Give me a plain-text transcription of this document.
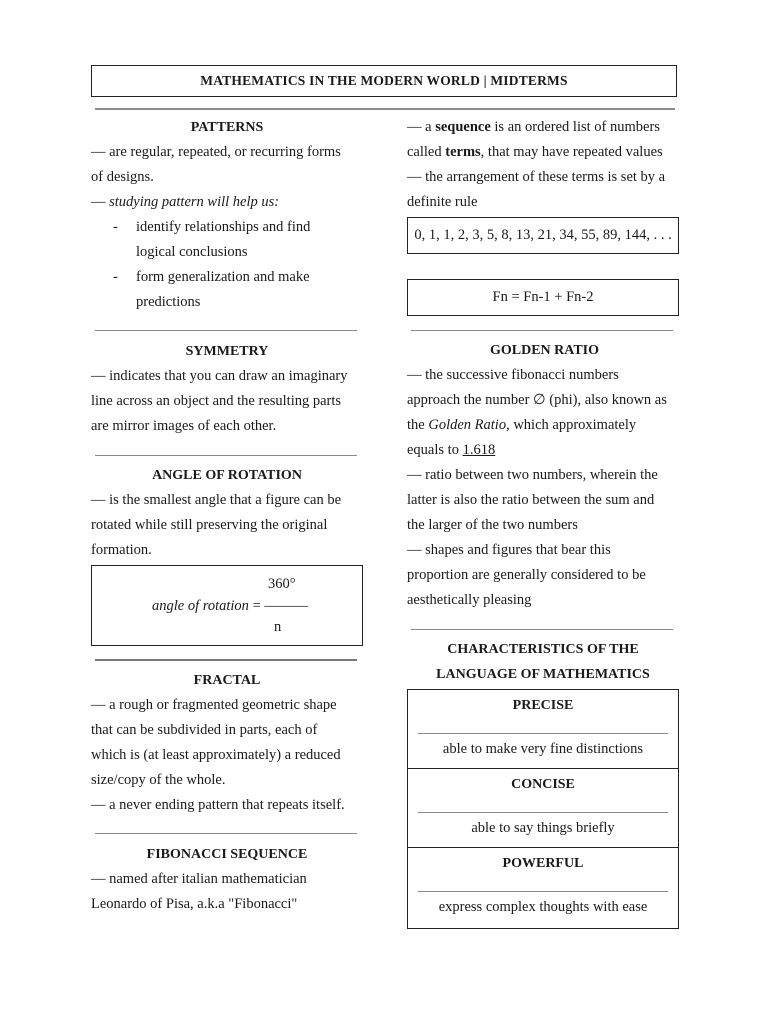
MATHEMATICS IN THE MODERN WORLD | MIDTERMS
PATTERNS

— are regular, repeated, or recurring forms

of designs.

— studying pattern will help us:

- identify relationships and find
logical conclusions
- form generalization and make
predictions
SYMMETRY

— indicates that you can draw an imaginary

line across an object and the resulting parts

are mirror images of each other.

ANGLE OF ROTATION

— is the smallest angle that a figure can be

rotated while still preserving the original

formation.

360°
angle of rotation = ———
n
FRACTAL

— a rough or fragmented geometric shape

that can be subdivided in parts, each of

which is (at least approximately) a reduced

size/copy of the whole.

— a never ending pattern that repeats itself.

FIBONACCI SEQUENCE

— named after italian mathematician

Leonardo of Pisa, a.k.a "Fibonacci"

— a sequence is an ordered list of numbers

called terms, that may have repeated values

— the arrangement of these terms is set by a

definite rule

0, 1, 1, 2, 3, 5, 8, 13, 21, 34, 55, 89, 144, . . .
Fn = Fn-1 + Fn-2
GOLDEN RATIO

— the successive fibonacci numbers

approach the number ∅ (phi), also known as

the Golden Ratio, which approximately

equals to 1.618

— ratio between two numbers, wherein the

latter is also the ratio between the sum and

the larger of the two numbers

— shapes and figures that bear this

proportion are generally considered to be

aesthetically pleasing

CHARACTERISTICS OF THE
LANGUAGE OF MATHEMATICS
PRECISE
able to make very fine distinctions
CONCISE
able to say things briefly
POWERFUL
express complex thoughts with ease
